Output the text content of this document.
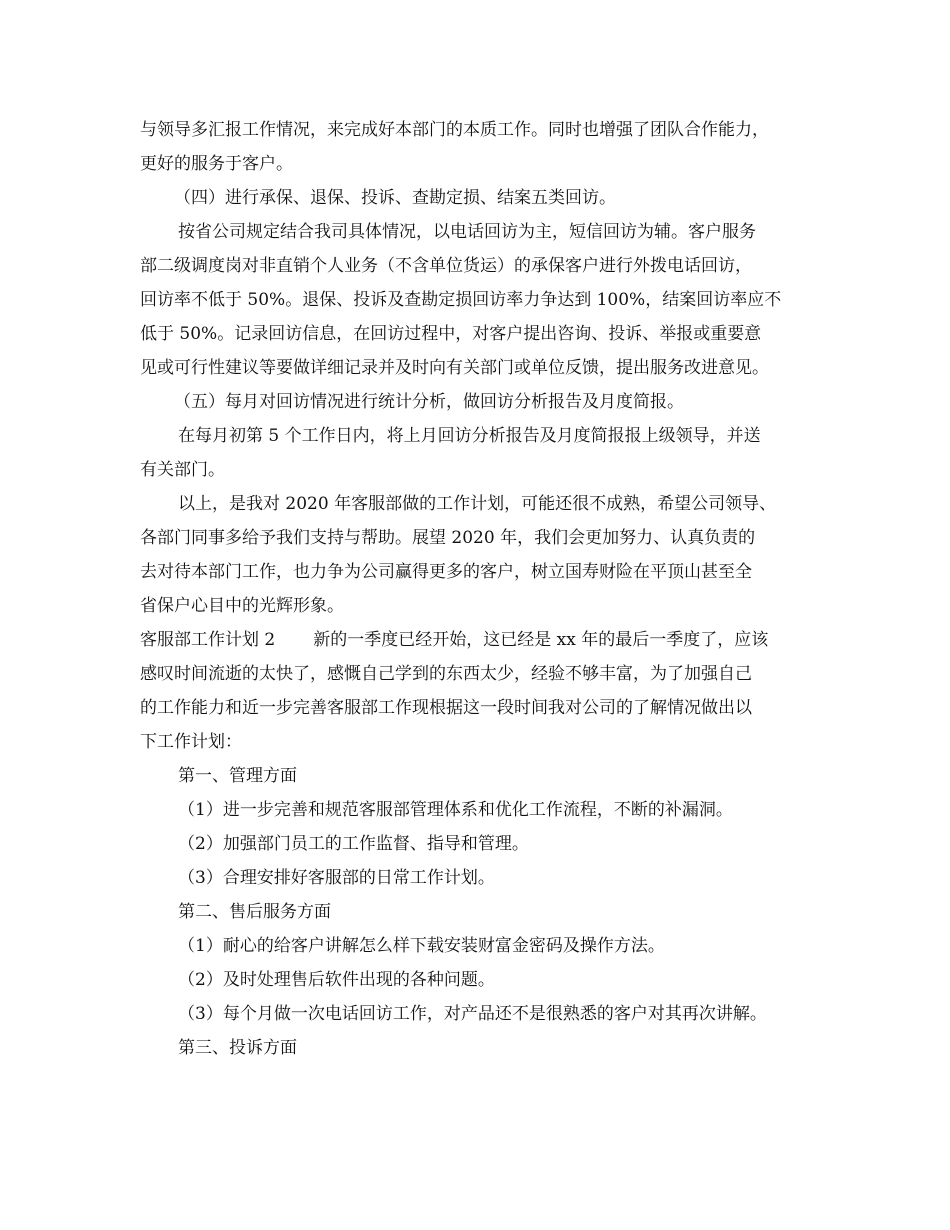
与领导多汇报工作情况，来完成好本部门的本质工作。同时也增强了团队合作能力，
更好的服务于客户。
（四）进行承保、退保、投诉、查勘定损、结案五类回访。
按省公司规定结合我司具体情况，以电话回访为主，短信回访为辅。客户服务
部二级调度岗对非直销个人业务（不含单位货运）的承保客户进行外拨电话回访，
回访率不低于 50%。退保、投诉及查勘定损回访率力争达到 100%，结案回访率应不
低于 50%。记录回访信息，在回访过程中，对客户提出咨询、投诉、举报或重要意
见或可行性建议等要做详细记录并及时向有关部门或单位反馈，提出服务改进意见。
（五）每月对回访情况进行统计分析，做回访分析报告及月度简报。
在每月初第 5 个工作日内，将上月回访分析报告及月度简报报上级领导，并送
有关部门。
以上，是我对 2020 年客服部做的工作计划，可能还很不成熟，希望公司领导、
各部门同事多给予我们支持与帮助。展望 2020 年，我们会更加努力、认真负责的
去对待本部门工作，也力争为公司赢得更多的客户，树立国寿财险在平顶山甚至全
省保户心目中的光辉形象。
客服部工作计划 2 新的一季度已经开始，这已经是 xx 年的最后一季度了，应该
感叹时间流逝的太快了，感慨自己学到的东西太少，经验不够丰富，为了加强自己
的工作能力和近一步完善客服部工作现根据这一段时间我对公司的了解情况做出以
下工作计划：
第一、管理方面
（1）进一步完善和规范客服部管理体系和优化工作流程，不断的补漏洞。
（2）加强部门员工的工作监督、指导和管理。
（3）合理安排好客服部的日常工作计划。
第二、售后服务方面
（1）耐心的给客户讲解怎么样下载安装财富金密码及操作方法。
（2）及时处理售后软件出现的各种问题。
（3）每个月做一次电话回访工作，对产品还不是很熟悉的客户对其再次讲解。
第三、投诉方面
